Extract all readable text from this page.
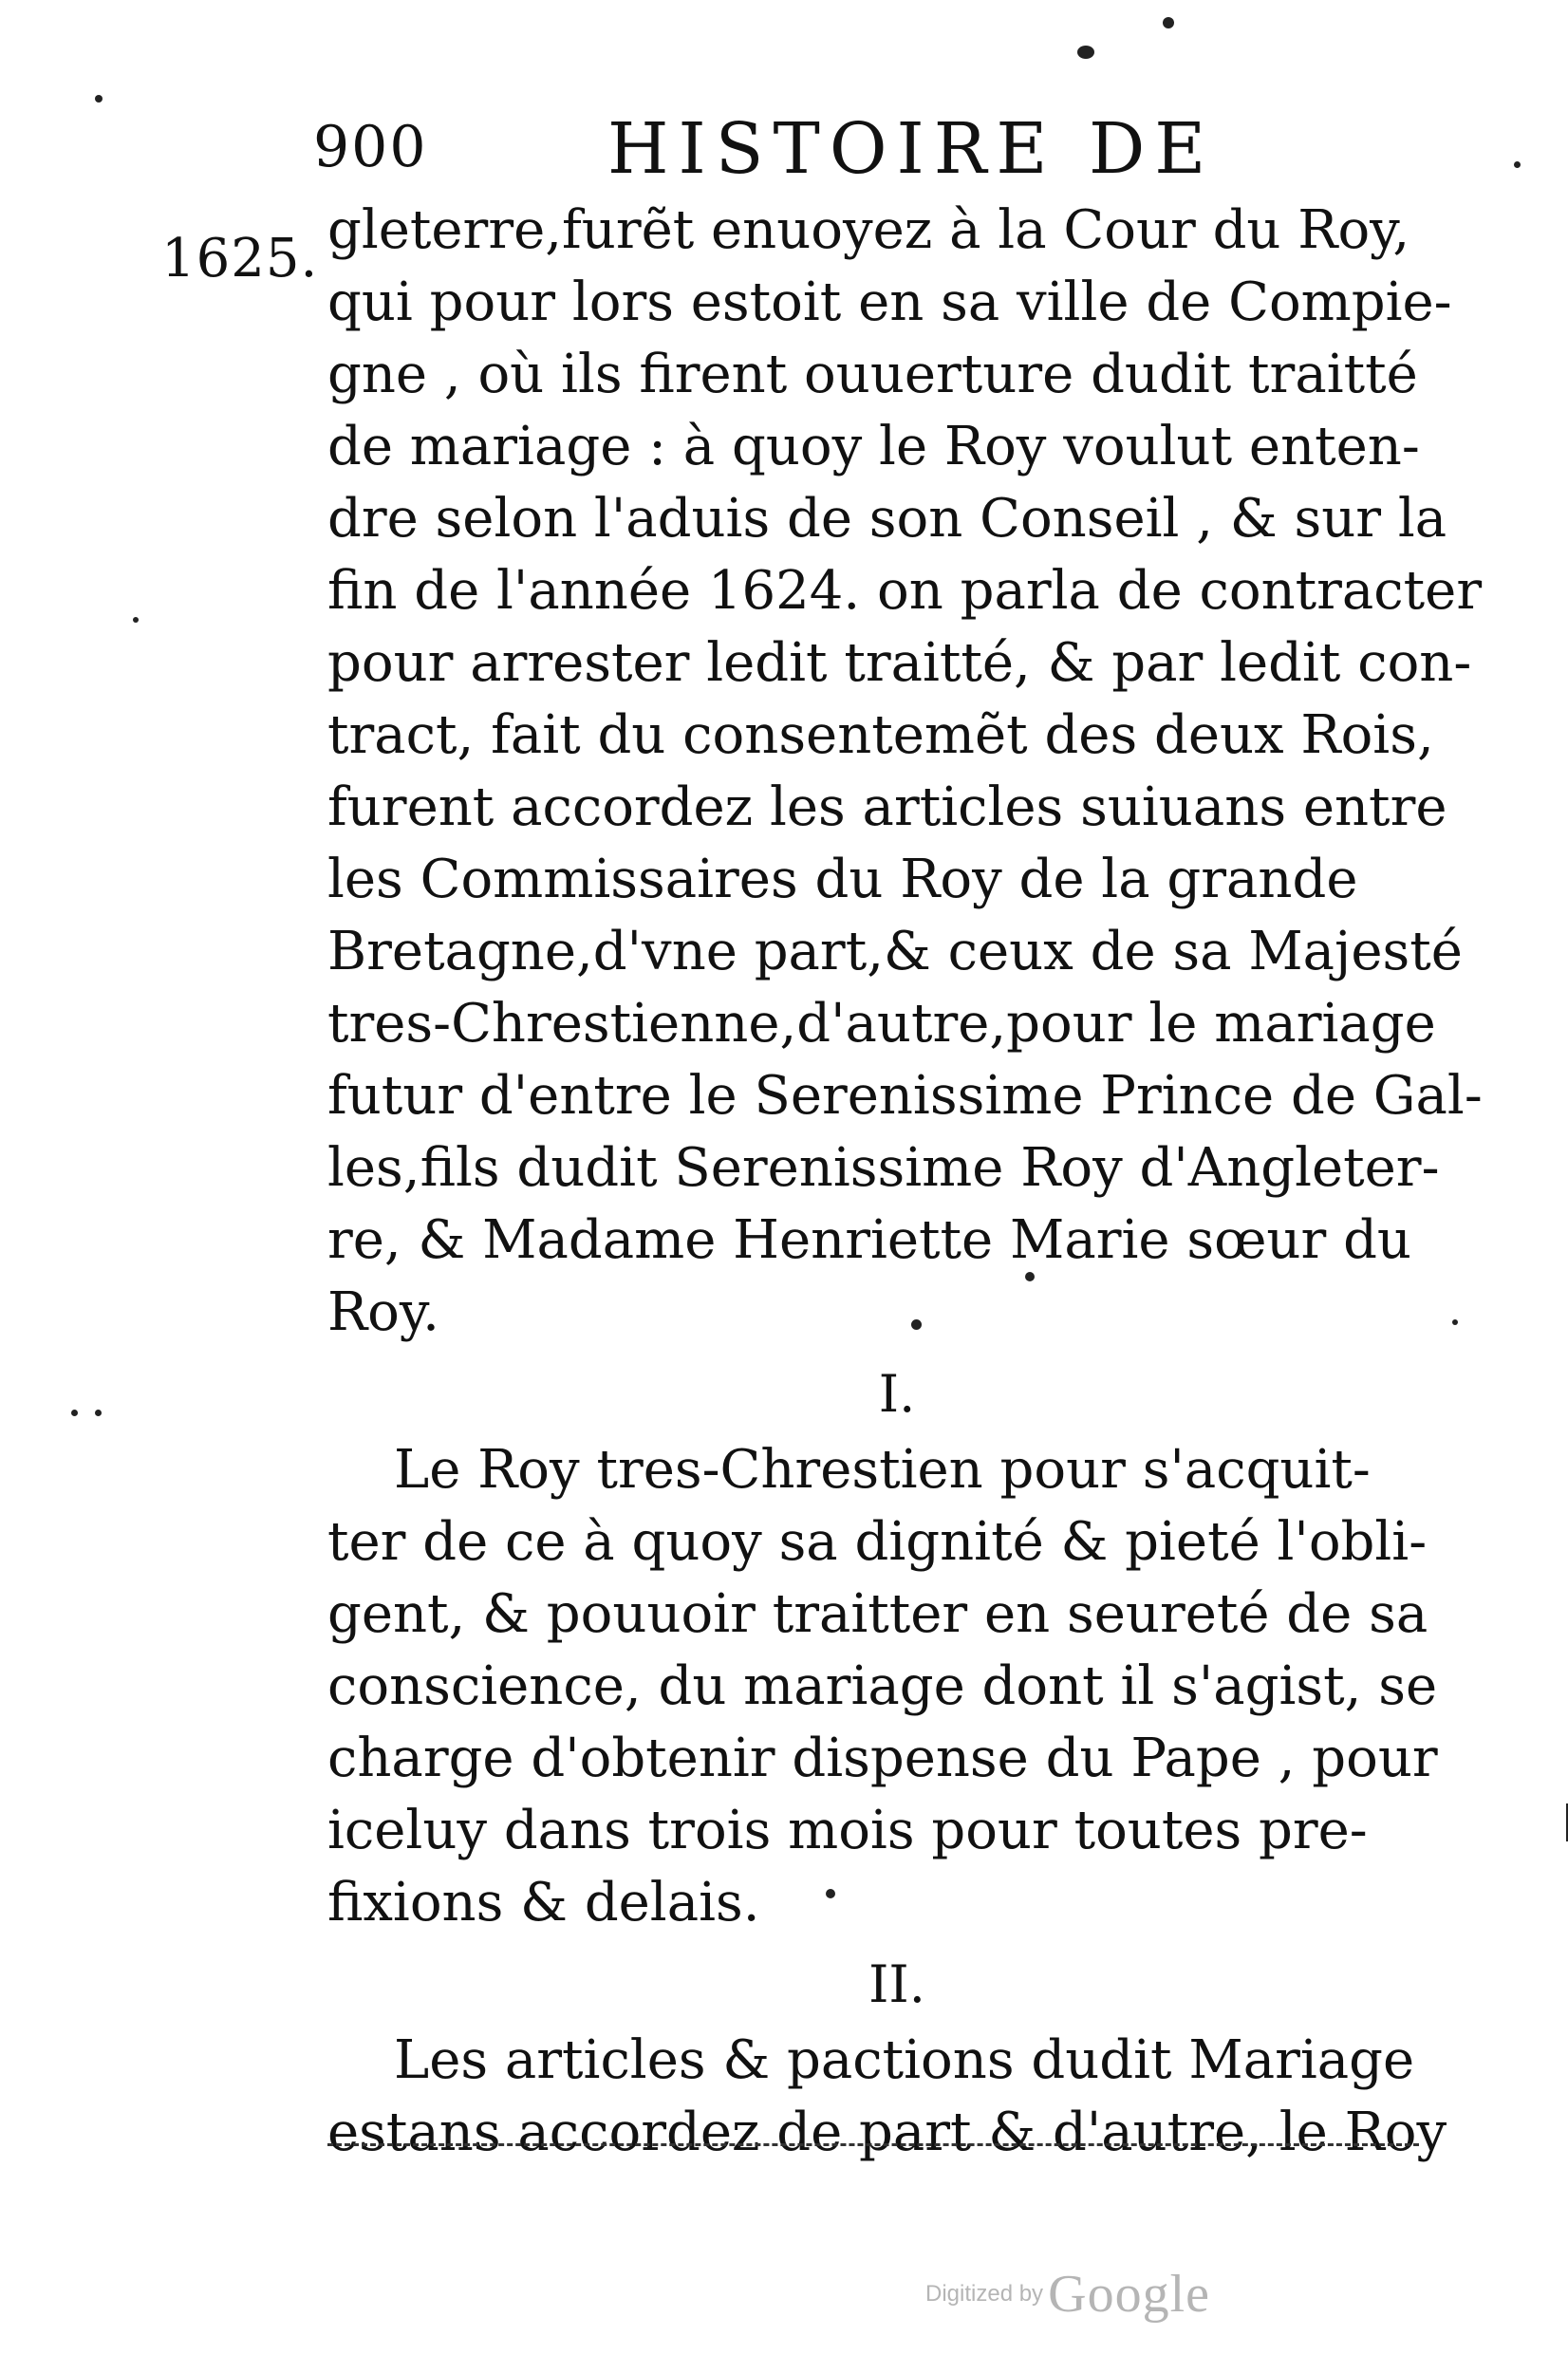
900	HISTOIRE DE
1625. gleterre,furẽt enuoyez à la Cour du Roy,
qui pour lors estoit en sa ville de Compie-
gne , où ils firent ouuerture dudit traitté
de mariage : à quoy le Roy voulut enten-
dre selon l'aduis de son Conseil , & sur la
fin de l'année 1624. on parla de contracter
pour arrester ledit traitté, & par ledit con-
tract, fait du consentemẽt des deux Rois,
furent accordez les articles suiuans entre
les Commissaires du Roy de la grande
Bretagne,d'vne part,& ceux de sa Majesté
tres-Chrestienne,d'autre,pour le mariage
futur d'entre le Serenissime Prince de Gal-
les,fils dudit Serenissime Roy d'Angleter-
re, & Madame Henriette Marie sœur du
Roy.
I.
Le Roy tres-Chrestien pour s'acquit-
ter de ce à quoy sa dignité & pieté l'obli-
gent, & pouuoir traitter en seureté de sa
conscience, du mariage dont il s'agist, se
charge d'obtenir dispense du Pape , pour
iceluy dans trois mois pour toutes pre-
fixions & delais.
II.
Les articles & pactions dudit Mariage
estans accordez de part & d'autre, le Roy
Digitized by Google
